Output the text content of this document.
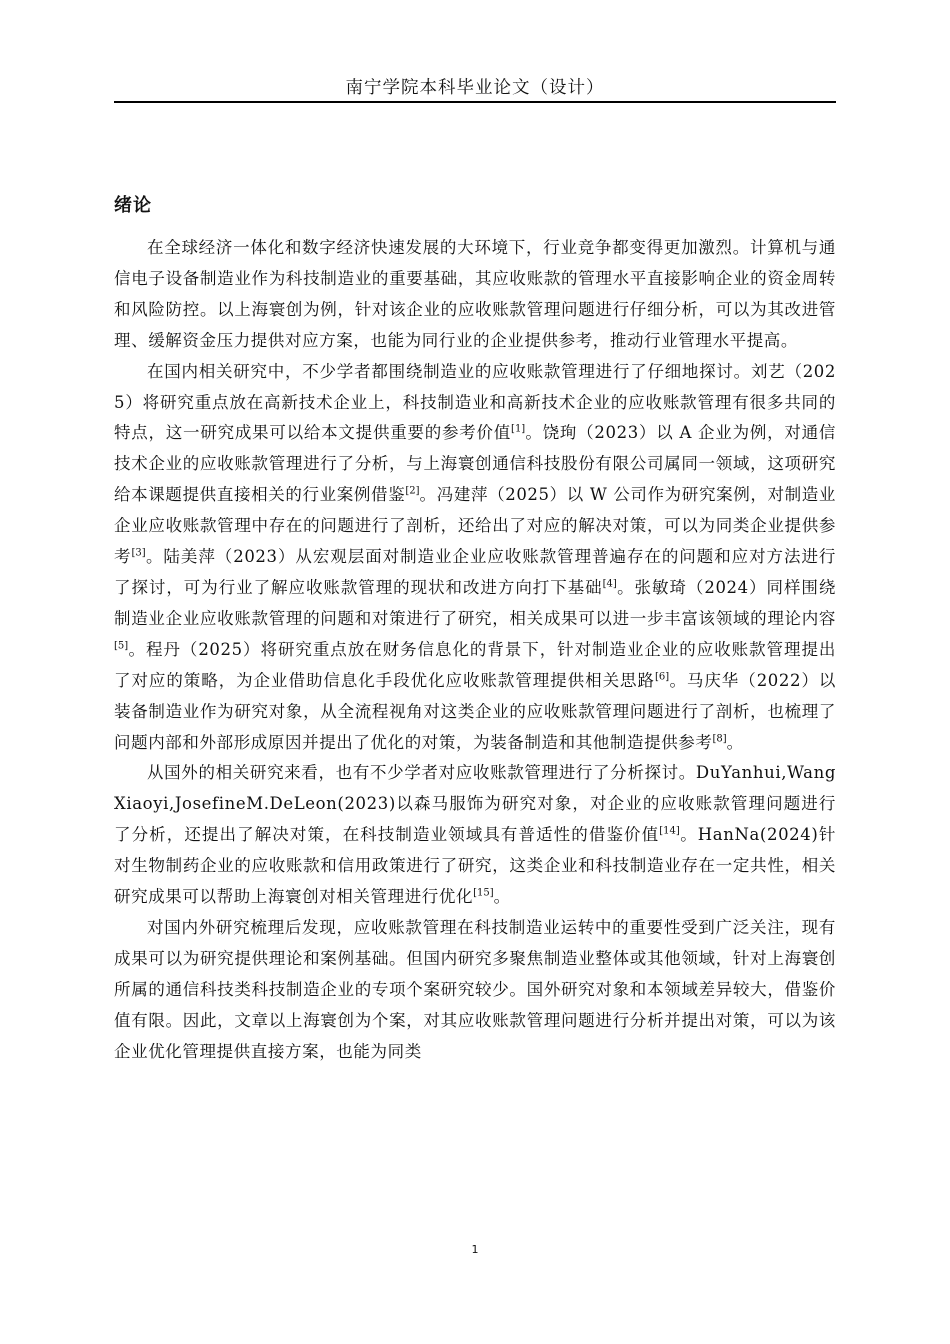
南宁学院本科毕业论文（设计）
绪论

在全球经济一体化和数字经济快速发展的大环境下，行业竞争都变得更加激烈。计算机与通信电子设备制造业作为科技制造业的重要基础，其应收账款的管理水平直接影响企业的资金周转和风险防控。以上海寰创为例，针对该企业的应收账款管理问题进行仔细分析，可以为其改进管理、缓解资金压力提供对应方案，也能为同行业的企业提供参考，推动行业管理水平提高。

在国内相关研究中，不少学者都围绕制造业的应收账款管理进行了仔细地探讨。刘艺（2025）将研究重点放在高新技术企业上，科技制造业和高新技术企业的应收账款管理有很多共同的特点，这一研究成果可以给本文提供重要的参考价值[1]。饶珣（2023）以 A 企业为例，对通信技术企业的应收账款管理进行了分析，与上海寰创通信科技股份有限公司属同一领域，这项研究给本课题提供直接相关的行业案例借鉴[2]。冯建萍（2025）以 W 公司作为研究案例，对制造业企业应收账款管理中存在的问题进行了剖析，还给出了对应的解决对策，可以为同类企业提供参考[3]。陆美萍（2023）从宏观层面对制造业企业应收账款管理普遍存在的问题和应对方法进行了探讨，可为行业了解应收账款管理的现状和改进方向打下基础[4]。张敏琦（2024）同样围绕制造业企业应收账款管理的问题和对策进行了研究，相关成果可以进一步丰富该领域的理论内容[5]。程丹（2025）将研究重点放在财务信息化的背景下，针对制造业企业的应收账款管理提出了对应的策略，为企业借助信息化手段优化应收账款管理提供相关思路[6]。马庆华（2022）以装备制造业作为研究对象，从全流程视角对这类企业的应收账款管理问题进行了剖析，也梳理了问题内部和外部形成原因并提出了优化的对策，为装备制造和其他制造提供参考[8]。

从国外的相关研究来看，也有不少学者对应收账款管理进行了分析探讨。DuYanhui,WangXiaoyi,JosefineM.DeLeon(2023)以森马服饰为研究对象，对企业的应收账款管理问题进行了分析，还提出了解决对策，在科技制造业领域具有普适性的借鉴价值[14]。HanNa(2024)针对生物制药企业的应收账款和信用政策进行了研究，这类企业和科技制造业存在一定共性，相关研究成果可以帮助上海寰创对相关管理进行优化[15]。

对国内外研究梳理后发现，应收账款管理在科技制造业运转中的重要性受到广泛关注，现有成果可以为研究提供理论和案例基础。但国内研究多聚焦制造业整体或其他领域，针对上海寰创所属的通信科技类科技制造企业的专项个案研究较少。国外研究对象和本领域差异较大，借鉴价值有限。因此，文章以上海寰创为个案，对其应收账款管理问题进行分析并提出对策，可以为该企业优化管理提供直接方案，也能为同类

1
